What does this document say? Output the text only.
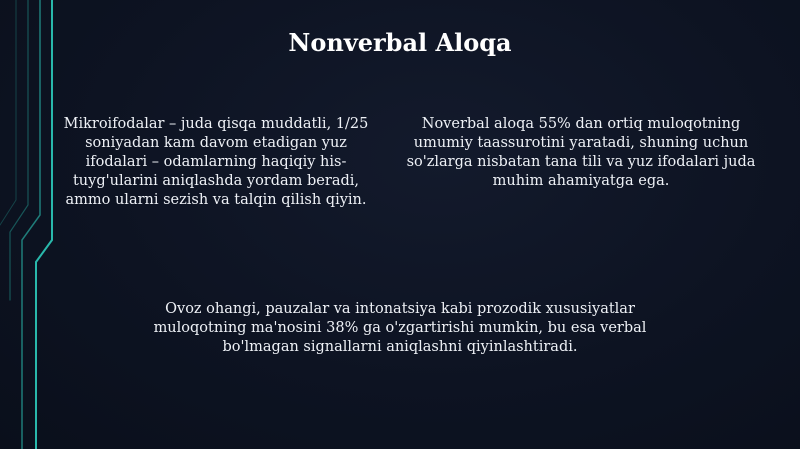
Nonverbal Aloqa

Mikroifodalar – juda qisqa muddatli, 1/25 soniyadan kam davom etadigan yuz ifodalari – odamlarning haqiqiy his-tuyg'ularini aniqlashda yordam beradi, ammo ularni sezish va talqin qilish qiyin.

Noverbal aloqa 55% dan ortiq muloqotning umumiy taassurotini yaratadi, shuning uchun so'zlarga nisbatan tana tili va yuz ifodalari juda muhim ahamiyatga ega.

Ovoz ohangi, pauzalar va intonatsiya kabi prozodik xususiyatlar muloqotning ma'nosini 38% ga o'zgartirishi mumkin, bu esa verbal bo'lmagan signallarni aniqlashni qiyinlashtiradi.
